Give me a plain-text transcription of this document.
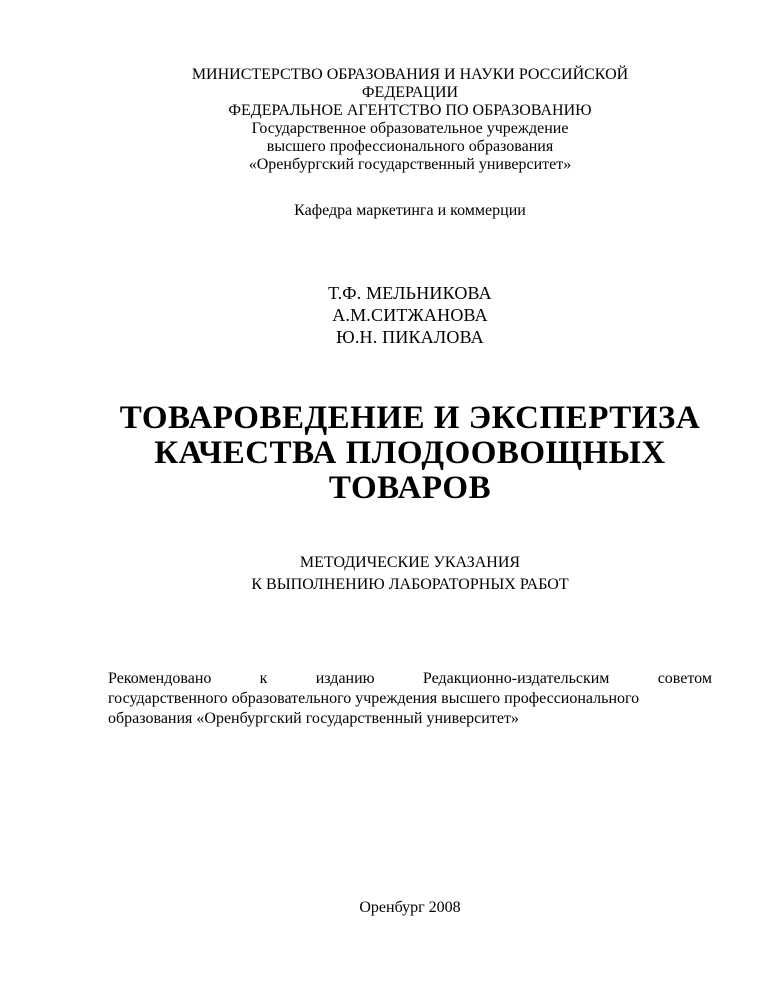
МИНИСТЕРСТВО ОБРАЗОВАНИЯ И НАУКИ РОССИЙСКОЙ
ФЕДЕРАЦИИ
ФЕДЕРАЛЬНОЕ АГЕНТСТВО ПО ОБРАЗОВАНИЮ
Государственное образовательное учреждение
высшего профессионального образования
«Оренбургский государственный университет»
Кафедра маркетинга и коммерции
Т.Ф. МЕЛЬНИКОВА
А.М.СИТЖАНОВА
Ю.Н. ПИКАЛОВА
ТОВАРОВЕДЕНИЕ И ЭКСПЕРТИЗА
КАЧЕСТВА ПЛОДООВОЩНЫХ
ТОВАРОВ
МЕТОДИЧЕСКИЕ УКАЗАНИЯ
К ВЫПОЛНЕНИЮ ЛАБОРАТОРНЫХ РАБОТ
Рекомендовано	к	изданию	Редакционно-издательским	советом
государственного образовательного учреждения высшего профессионального
образования «Оренбургский государственный университет»
Оренбург 2008
